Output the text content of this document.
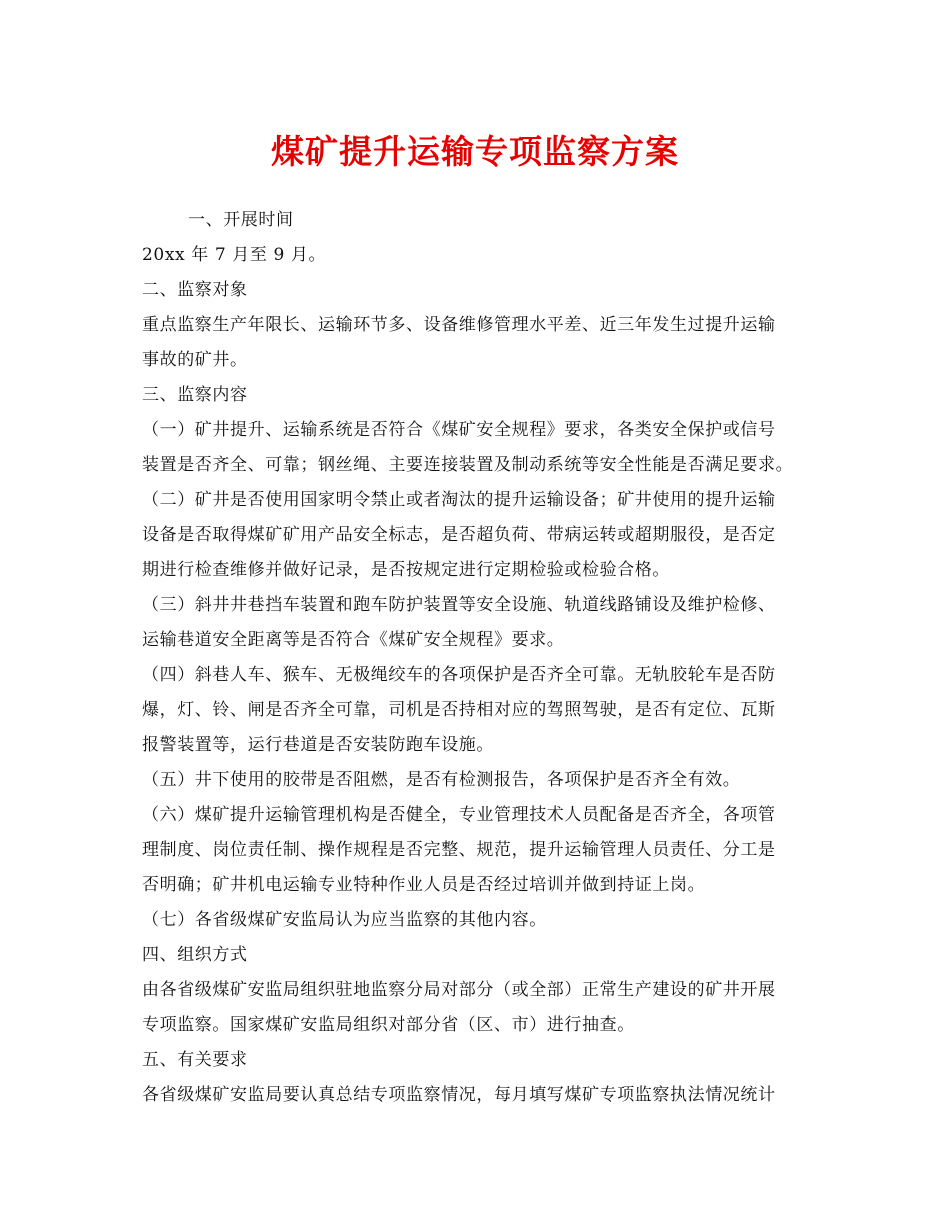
煤矿提升运输专项监察方案
一、开展时间
20xx 年 7 月至 9 月。
二、监察对象
重点监察生产年限长、运输环节多、设备维修管理水平差、近三年发生过提升运输
事故的矿井。
三、监察内容
（一）矿井提升、运输系统是否符合《煤矿安全规程》要求，各类安全保护或信号
装置是否齐全、可靠；钢丝绳、主要连接装置及制动系统等安全性能是否满足要求。
（二）矿井是否使用国家明令禁止或者淘汰的提升运输设备；矿井使用的提升运输
设备是否取得煤矿矿用产品安全标志，是否超负荷、带病运转或超期服役，是否定
期进行检查维修并做好记录，是否按规定进行定期检验或检验合格。
（三）斜井井巷挡车装置和跑车防护装置等安全设施、轨道线路铺设及维护检修、
运输巷道安全距离等是否符合《煤矿安全规程》要求。
（四）斜巷人车、猴车、无极绳绞车的各项保护是否齐全可靠。无轨胶轮车是否防
爆，灯、铃、闸是否齐全可靠，司机是否持相对应的驾照驾驶，是否有定位、瓦斯
报警装置等，运行巷道是否安装防跑车设施。
（五）井下使用的胶带是否阻燃，是否有检测报告，各项保护是否齐全有效。
（六）煤矿提升运输管理机构是否健全，专业管理技术人员配备是否齐全，各项管
理制度、岗位责任制、操作规程是否完整、规范，提升运输管理人员责任、分工是
否明确；矿井机电运输专业特种作业人员是否经过培训并做到持证上岗。
（七）各省级煤矿安监局认为应当监察的其他内容。
四、组织方式
由各省级煤矿安监局组织驻地监察分局对部分（或全部）正常生产建设的矿井开展
专项监察。国家煤矿安监局组织对部分省（区、市）进行抽查。
五、有关要求
各省级煤矿安监局要认真总结专项监察情况，每月填写煤矿专项监察执法情况统计
